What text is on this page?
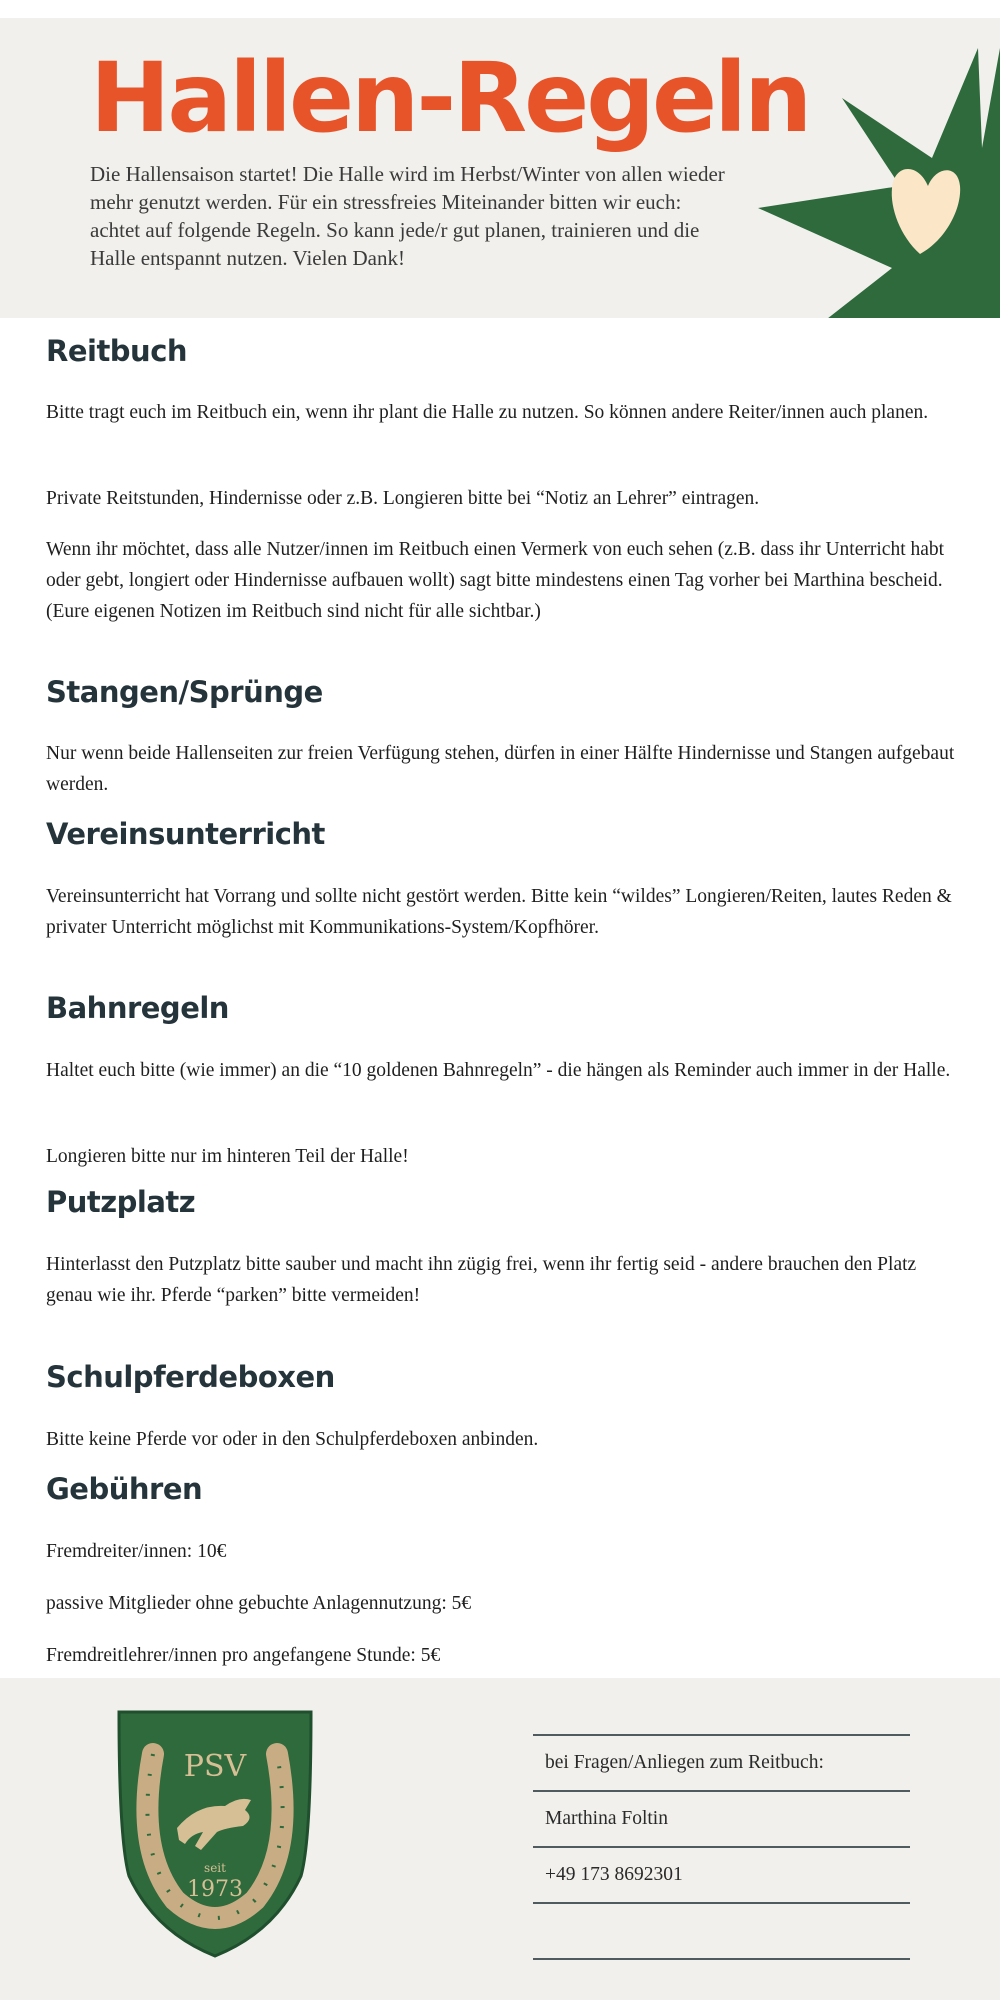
Hallen-Regeln

Die Hallensaison startet! Die Halle wird im Herbst/Winter von allen wieder mehr genutzt werden. Für ein stressfreies Miteinander bitten wir euch: achtet auf folgende Regeln. So kann jede/r gut planen, trainieren und die Halle entspannt nutzen. Vielen Dank!

Reitbuch

Bitte tragt euch im Reitbuch ein, wenn ihr plant die Halle zu nutzen. So können andere Reiter/innen auch planen.

Private Reitstunden, Hindernisse oder z.B. Longieren bitte bei “Notiz an Lehrer” eintragen.

Wenn ihr möchtet, dass alle Nutzer/innen im Reitbuch einen Vermerk von euch sehen (z.B. dass ihr Unterricht habt oder gebt, longiert oder Hindernisse aufbauen wollt) sagt bitte mindestens einen Tag vorher bei Marthina bescheid. (Eure eigenen Notizen im Reitbuch sind nicht für alle sichtbar.)

Stangen/Sprünge

Nur wenn beide Hallenseiten zur freien Verfügung stehen, dürfen in einer Hälfte Hindernisse und Stangen aufgebaut werden.

Vereinsunterricht

Vereinsunterricht hat Vorrang und sollte nicht gestört werden. Bitte kein “wildes” Longieren/Reiten, lautes Reden & privater Unterricht möglichst mit Kommunikations-System/Kopfhörer.

Bahnregeln

Haltet euch bitte (wie immer) an die “10 goldenen Bahnregeln” - die hängen als Reminder auch immer in der Halle.

Longieren bitte nur im hinteren Teil der Halle!

Putzplatz

Hinterlasst den Putzplatz bitte sauber und macht ihn zügig frei, wenn ihr fertig seid - andere brauchen den Platz genau wie ihr. Pferde “parken” bitte vermeiden!

Schulpferdeboxen

Bitte keine Pferde vor oder in den Schulpferdeboxen anbinden.

Gebühren

Fremdreiter/innen: 10€

passive Mitglieder ohne gebuchte Anlagennutzung: 5€

Fremdreitlehrer/innen pro angefangene Stunde: 5€

PSV
seit
1973

bei Fragen/Anliegen zum Reitbuch:

Marthina Foltin

+49 173 8692301
